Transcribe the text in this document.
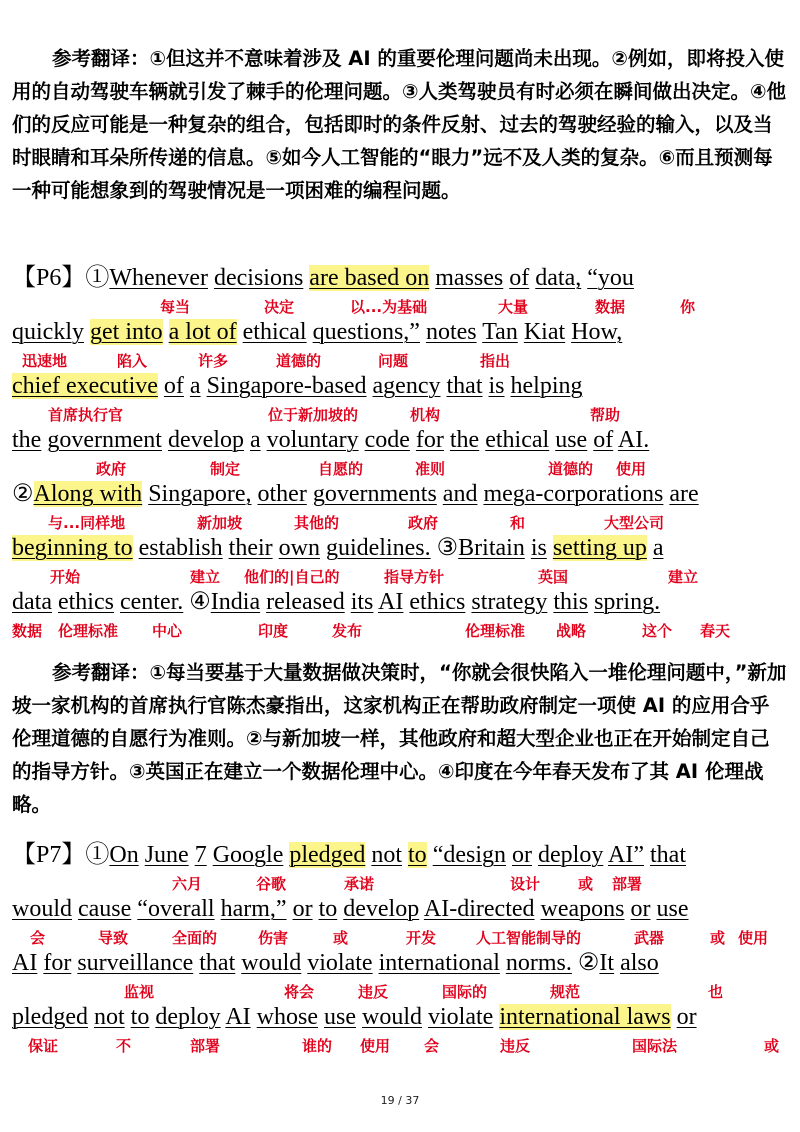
参考翻译：①但这并不意味着涉及 AI 的重要伦理问题尚未出现。②例如，即将投入使用的自动驾驶车辆就引发了棘手的伦理问题。③人类驾驶员有时必须在瞬间做出决定。④他们的反应可能是一种复杂的组合，包括即时的条件反射、过去的驾驶经验的输入，以及当时眼睛和耳朵所传递的信息。⑤如今人工智能的“眼力”远不及人类的复杂。⑥而且预测每一种可能想象到的驾驶情况是一项困难的编程问题。

【P6】①Whenever decisions are based on masses of data, “you
quickly get into a lot of ethical questions,” notes Tan Kiat How,
chief executive of a Singapore-based agency that is helping
the government develop a voluntary code for the ethical use of AI.
②Along with Singapore, other governments and mega-corporations are
beginning to establish their own guidelines. ③Britain is setting up a
data ethics center. ④India released its AI ethics strategy this spring.
每当	决定	以...为基础	大量	数据	你
迅速地	陷入	许多	道德的	问题	指出
首席执行官	位于新加坡的	机构	帮助
政府	制定	自愿的	准则	道德的 使用
与...同样地	新加坡	其他的	政府	和	大型公司
开始	建立 他们的|自己的	指导方针	英国	建立
数据 伦理标准 中心	印度	发布	伦理标准 战略	这个 春天

参考翻译：①每当要基于大量数据做决策时，“你就会很快陷入一堆伦理问题中，”新加坡一家机构的首席执行官陈杰豪指出，这家机构正在帮助政府制定一项使 AI 的应用合乎伦理道德的自愿行为准则。②与新加坡一样，其他政府和超大型企业也正在开始制定自己的指导方针。③英国正在建立一个数据伦理中心。④印度在今年春天发布了其 AI 伦理战略。

【P7】①On June 7 Google pledged not to “design or deploy AI” that
would cause “overall harm,” or to develop AI-directed weapons or use
AI for surveillance that would violate international norms. ②It also
pledged not to deploy AI whose use would violate international laws or
六月	谷歌	承诺	设计	或 部署
会	导致	全面的	伤害	或	开发	人工智能制导的	武器	或 使用
监视	将会	违反	国际的	规范	也
保证	不	部署	谁的 使用 会	违反	国际法	或
19 / 37
